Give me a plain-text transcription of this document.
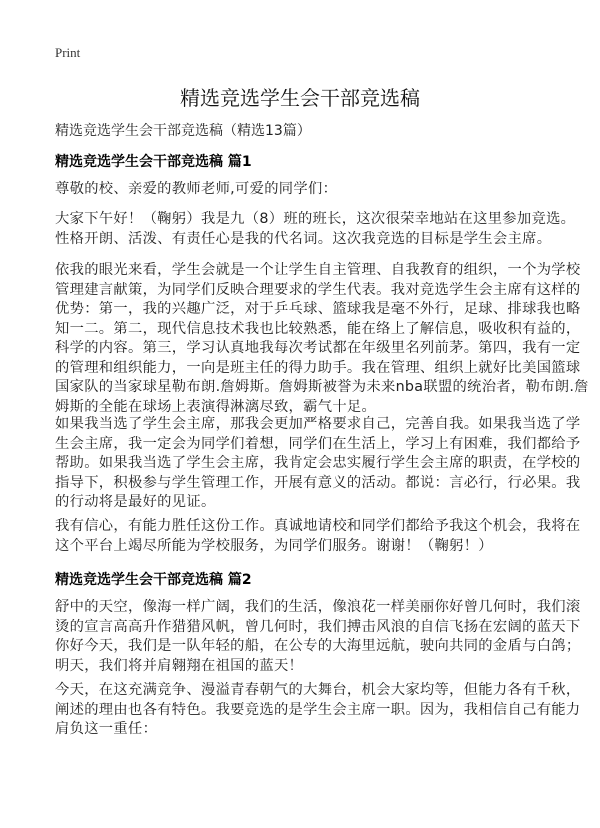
Print
精选竞选学生会干部竞选稿
精选竞选学生会干部竞选稿（精选13篇）
精选竞选学生会干部竞选稿 篇1
尊敬的校、亲爱的教师老师,可爱的同学们：
大家下午好！（鞠躬）我是九（8）班的班长，这次很荣幸地站在这里参加竞选。
性格开朗、活泼、有责任心是我的代名词。这次我竞选的目标是学生会主席。
依我的眼光来看，学生会就是一个让学生自主管理、自我教育的组织，一个为学校
管理建言献策，为同学们反映合理要求的学生代表。我对竞选学生会主席有这样的
优势：第一，我的兴趣广泛，对于乒乓球、篮球我是毫不外行，足球、排球我也略
知一二。第二，现代信息技术我也比较熟悉，能在络上了解信息，吸收积有益的，
科学的内容。第三，学习认真地我每次考试都在年级里名列前茅。第四，我有一定
的管理和组织能力，一向是班主任的得力助手。我在管理、组织上就好比美国篮球
国家队的当家球星勒布朗.詹姆斯。詹姆斯被誉为未来nba联盟的统治者，勒布朗.詹
姆斯的全能在球场上表演得淋漓尽致，霸气十足。
如果我当选了学生会主席，那我会更加严格要求自己，完善自我。如果我当选了学
生会主席，我一定会为同学们着想，同学们在生活上，学习上有困难，我们都给予
帮助。如果我当选了学生会主席，我肯定会忠实履行学生会主席的职责，在学校的
指导下，积极参与学生管理工作，开展有意义的活动。都说：言必行，行必果。我
的行动将是最好的见证。
我有信心，有能力胜任这份工作。真诚地请校和同学们都给予我这个机会，我将在
这个平台上竭尽所能为学校服务，为同学们服务。谢谢！（鞠躬！）
精选竞选学生会干部竞选稿 篇2
舒中的天空，像海一样广阔，我们的生活，像浪花一样美丽你好曾几何时，我们滚
烫的宣言高高升作猎猎风帆，曾几何时，我们搏击风浪的自信飞扬在宏阔的蓝天下
你好今天，我们是一队年轻的船，在公专的大海里远航，驶向共同的金盾与白鸽；
明天，我们将并肩翱翔在祖国的蓝天！
今天，在这充满竞争、漫溢青春朝气的大舞台，机会大家均等，但能力各有千秋，
阐述的理由也各有特色。我要竞选的是学生会主席一职。因为，我相信自己有能力
肩负这一重任：
